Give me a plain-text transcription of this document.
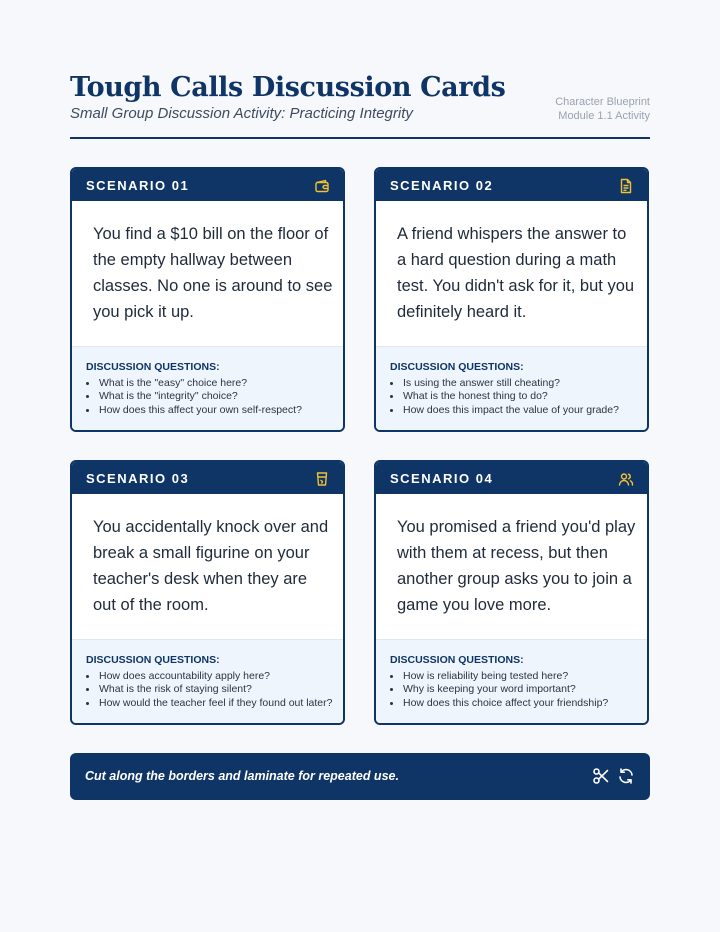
Tough Calls Discussion Cards
Small Group Discussion Activity: Practicing Integrity
Character Blueprint
Module 1.1 Activity
SCENARIO 01
You find a $10 bill on the floor of the empty hallway between classes. No one is around to see you pick it up.
DISCUSSION QUESTIONS:
• What is the "easy" choice here?
• What is the "integrity" choice?
• How does this affect your own self-respect?
SCENARIO 02
A friend whispers the answer to a hard question during a math test. You didn't ask for it, but you definitely heard it.
DISCUSSION QUESTIONS:
• Is using the answer still cheating?
• What is the honest thing to do?
• How does this impact the value of your grade?
SCENARIO 03
You accidentally knock over and break a small figurine on your teacher's desk when they are out of the room.
DISCUSSION QUESTIONS:
• How does accountability apply here?
• What is the risk of staying silent?
• How would the teacher feel if they found out later?
SCENARIO 04
You promised a friend you'd play with them at recess, but then another group asks you to join a game you love more.
DISCUSSION QUESTIONS:
• How is reliability being tested here?
• Why is keeping your word important?
• How does this choice affect your friendship?
Cut along the borders and laminate for repeated use.
